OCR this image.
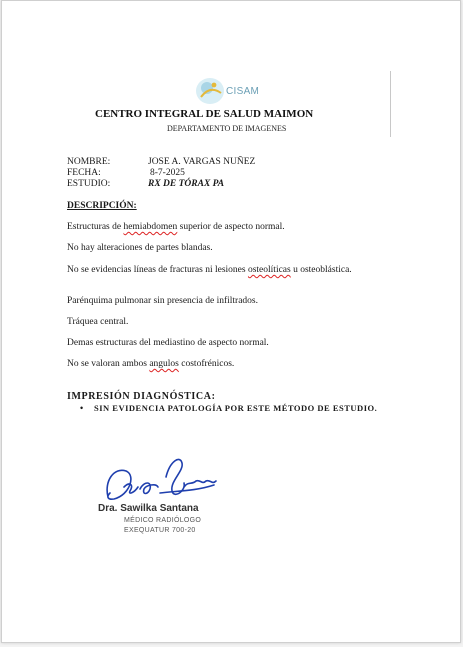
CISAM
CENTRO INTEGRAL DE SALUD MAIMON
DEPARTAMENTO DE IMAGENES
NOMBRE:	JOSE A. VARGAS NUÑEZ
FECHA:	8-7-2025
ESTUDIO:	RX DE TÓRAX PA
DESCRIPCIÓN:
Estructuras de hemiabdomen superior de aspecto normal.
No hay alteraciones de partes blandas.
No se evidencias líneas de fracturas ni lesiones osteolíticas u osteoblástica.
Parénquima pulmonar sin presencia de infiltrados.
Tráquea central.
Demas estructuras del mediastino de aspecto normal.
No se valoran ambos angulos costofrénicos.
IMPRESIÓN DIAGNÓSTICA:
• SIN EVIDENCIA PATOLOGÍA POR ESTE MÉTODO DE ESTUDIO.
Dra. Sawilka Santana
MÉDICO RADIÓLOGO
EXEQUATUR 700-20
